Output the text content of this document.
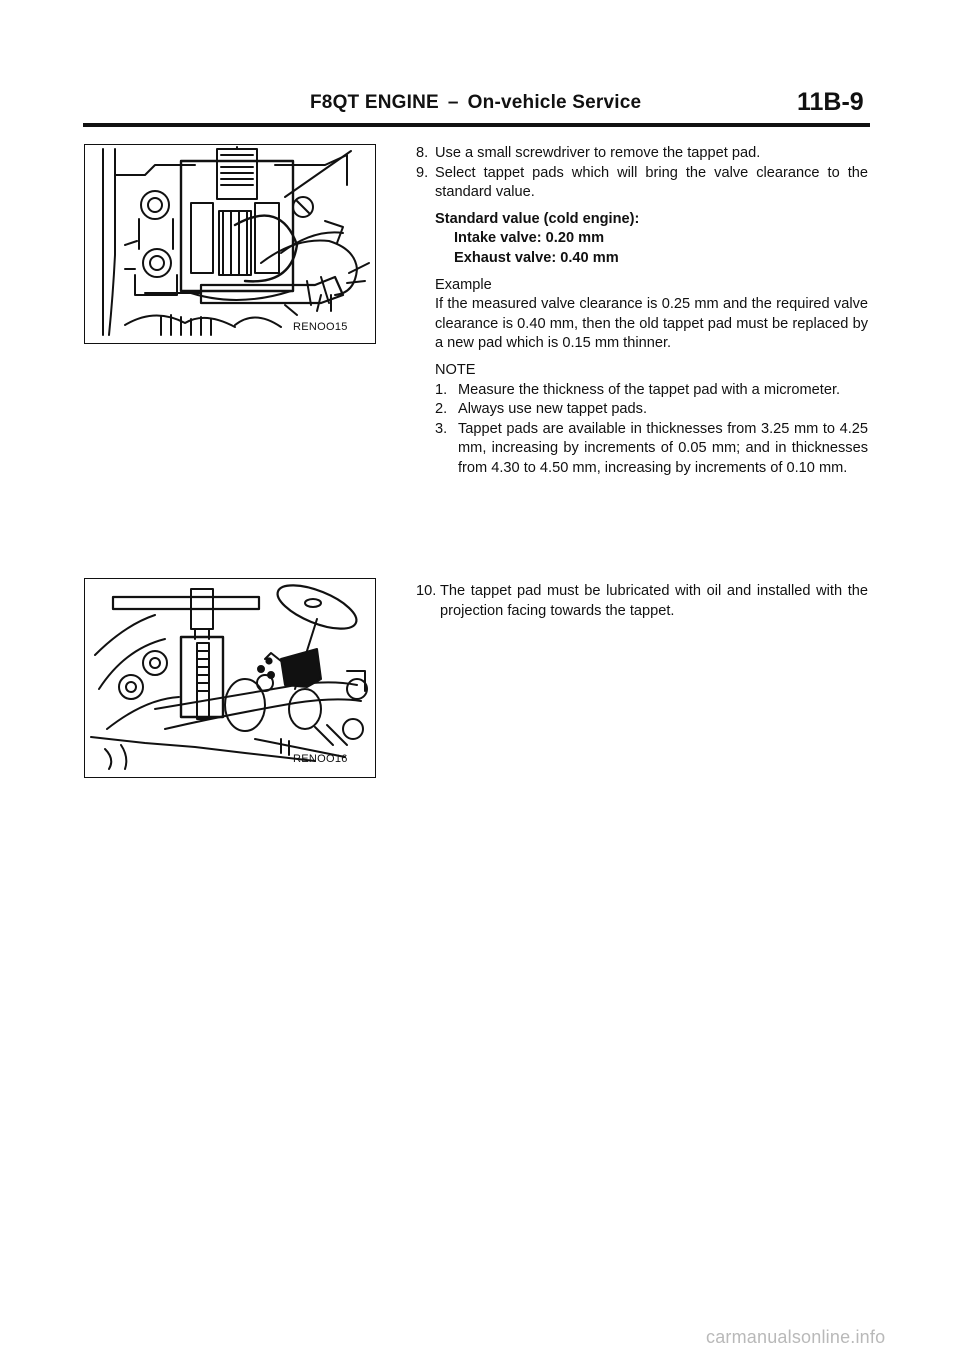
F8QT ENGINE – On-vehicle Service	11B-9
RENOO15
8. Use a small screwdriver to remove the tappet pad.
9. Select tappet pads which will bring the valve clearance to the standard value.
Standard value (cold engine):
Intake valve: 0.20 mm
Exhaust valve: 0.40 mm
Example
If the measured valve clearance is 0.25 mm and the required valve clearance is 0.40 mm, then the old tappet pad must be replaced by a new pad which is 0.15 mm thinner.
NOTE
1. Measure the thickness of the tappet pad with a micrometer.
2. Always use new tappet pads.
3. Tappet pads are available in thicknesses from 3.25 mm to 4.25 mm, increasing by increments of 0.05 mm; and in thicknesses from 4.30 to 4.50 mm, increasing by increments of 0.10 mm.
RENOO16
10. The tappet pad must be lubricated with oil and installed with the projection facing towards the tappet.
carmanualsonline.info
